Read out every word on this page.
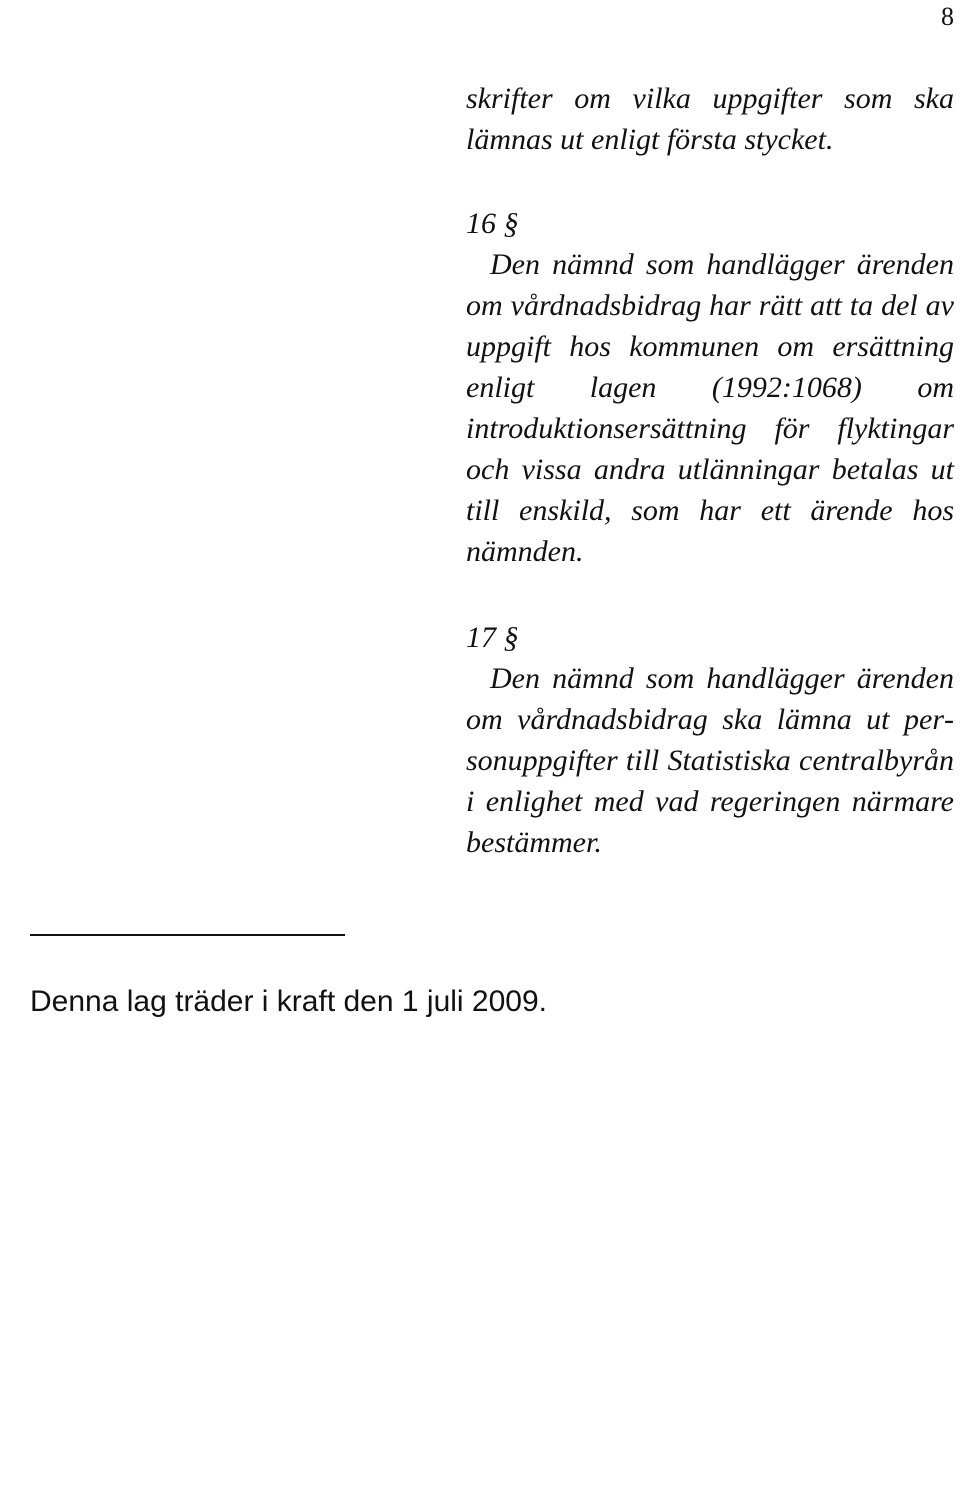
8

skrifter om vilka uppgifter som ska lämnas ut enligt första stycket.

16 §

Den nämnd som handlägger ärenden om vårdnadsbidrag har rätt att ta del av uppgift hos kommunen om ersättning enligt lagen (1992:1068) om introduktionsersättning för flyktingar och vissa andra utlänningar betalas ut till enskild, som har ett ärende hos nämnden.

17 §

Den nämnd som handlägger ärenden om vårdnadsbidrag ska lämna ut personuppgifter till Statistiska centralbyrån i enlighet med vad regeringen närmare bestämmer.

Denna lag träder i kraft den 1 juli 2009.
